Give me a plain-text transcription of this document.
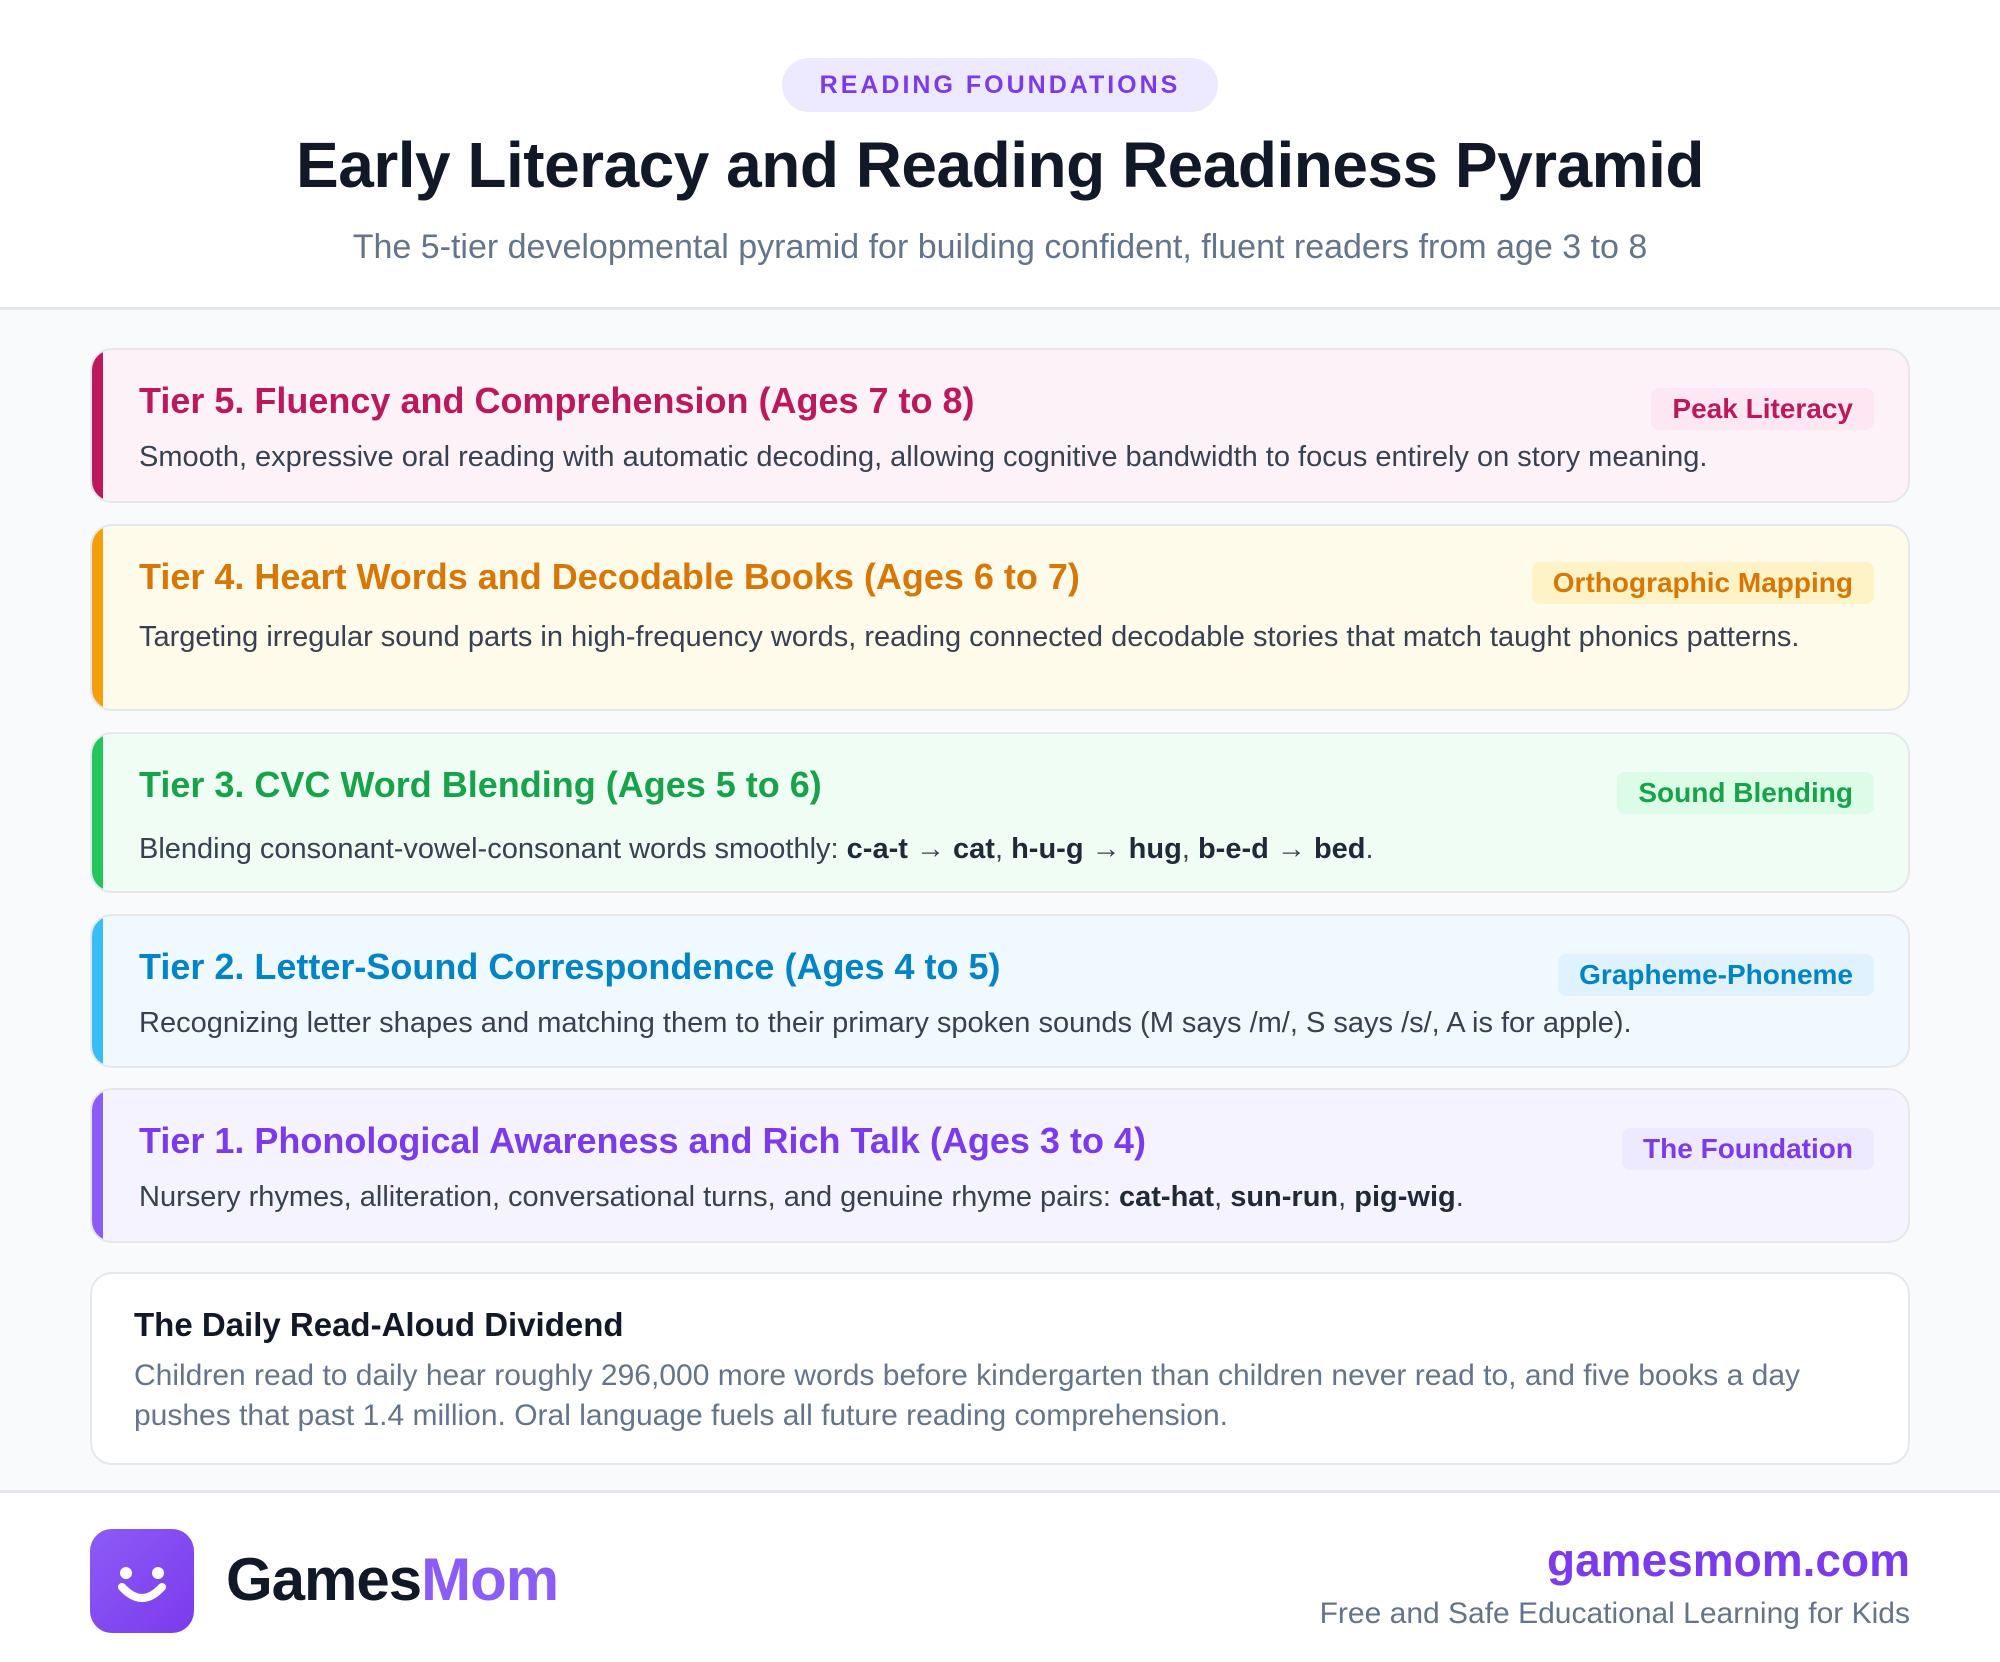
READING FOUNDATIONS
Early Literacy and Reading Readiness Pyramid
The 5-tier developmental pyramid for building confident, fluent readers from age 3 to 8
Tier 5. Fluency and Comprehension (Ages 7 to 8)	Peak Literacy
Smooth, expressive oral reading with automatic decoding, allowing cognitive bandwidth to focus entirely on story meaning.
Tier 4. Heart Words and Decodable Books (Ages 6 to 7)	Orthographic Mapping
Targeting irregular sound parts in high-frequency words, reading connected decodable stories that match taught phonics patterns.
Tier 3. CVC Word Blending (Ages 5 to 6)	Sound Blending
Blending consonant-vowel-consonant words smoothly: c-a-t → cat, h-u-g → hug, b-e-d → bed.
Tier 2. Letter-Sound Correspondence (Ages 4 to 5)	Grapheme-Phoneme
Recognizing letter shapes and matching them to their primary spoken sounds (M says /m/, S says /s/, A is for apple).
Tier 1. Phonological Awareness and Rich Talk (Ages 3 to 4)	The Foundation
Nursery rhymes, alliteration, conversational turns, and genuine rhyme pairs: cat-hat, sun-run, pig-wig.
The Daily Read-Aloud Dividend
Children read to daily hear roughly 296,000 more words before kindergarten than children never read to, and five books a day pushes that past 1.4 million. Oral language fuels all future reading comprehension.
GamesMom	gamesmom.com
Free and Safe Educational Learning for Kids
